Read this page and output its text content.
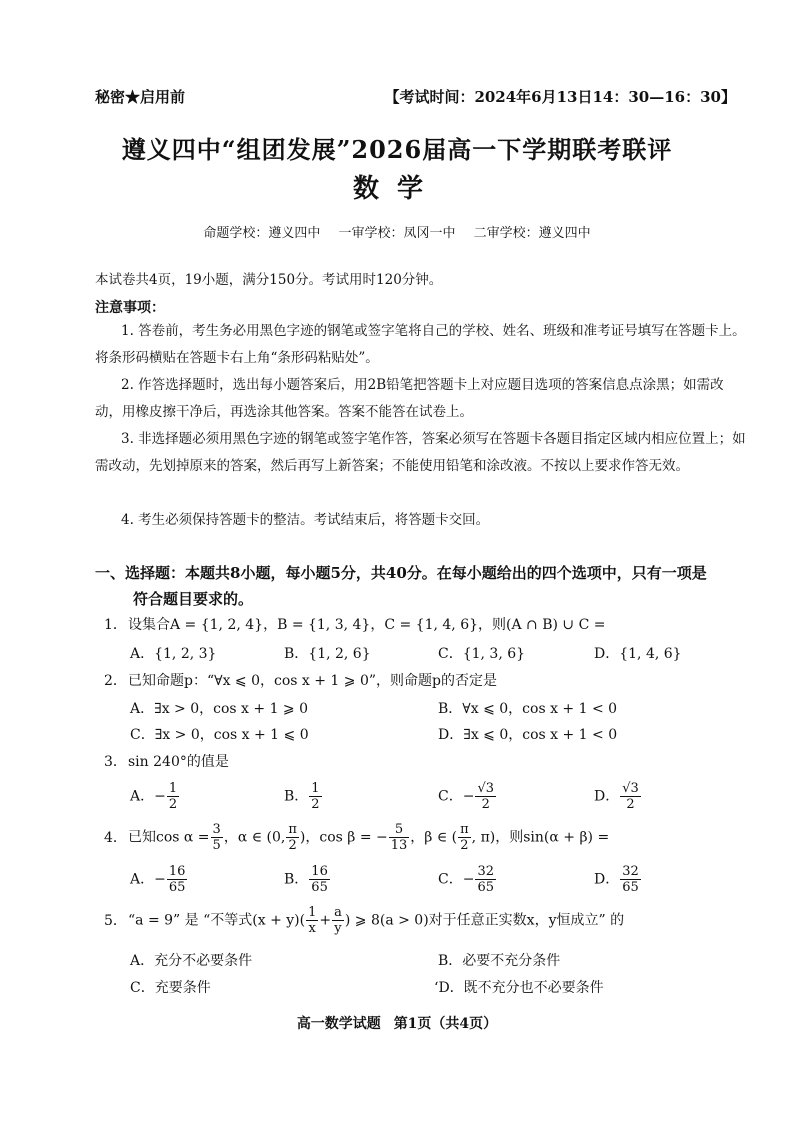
秘密★启用前	【考试时间：2024年6月13日14：30—16：30】
遵义四中“组团发展”2026届高一下学期联考联评
数学
命题学校：遵义四中 一审学校：凤冈一中 二审学校：遵义四中
本试卷共4页，19小题，满分150分。考试用时120分钟。
注意事项：
1. 答卷前，考生务必用黑色字迹的钢笔或签字笔将自己的学校、姓名、班级和准考证号填写在答题卡上。将条形码横贴在答题卡右上角“条形码粘贴处”。
2. 作答选择题时，选出每小题答案后，用2B铅笔把答题卡上对应题目选项的答案信息点涂黑；如需改动，用橡皮擦干净后，再选涂其他答案。答案不能答在试卷上。
3. 非选择题必须用黑色字迹的钢笔或签字笔作答，答案必须写在答题卡各题目指定区域内相应位置上；如需改动，先划掉原来的答案，然后再写上新答案；不能使用铅笔和涂改液。不按以上要求作答无效。
4. 考生必须保持答题卡的整洁。考试结束后，将答题卡交回。
一、选择题：本题共8小题，每小题5分，共40分。在每小题给出的四个选项中，只有一项是
符合题目要求的。
1．设集合A = {1, 2, 4}，B = {1, 3, 4}，C = {1, 4, 6}，则(A ∩ B) ∪ C =
A．{1, 2, 3}	B．{1, 2, 6}	C．{1, 3, 6}	D．{1, 4, 6}
2．已知命题p：“∀x ⩽ 0，cos x + 1 ⩾ 0”，则命题p的否定是
A．∃x > 0，cos x + 1 ⩾ 0	B．∀x ⩽ 0，cos x + 1 < 0
C．∃x > 0，cos x + 1 ⩽ 0	D．∃x ⩽ 0，cos x + 1 < 0
3．sin 240°的值是
A．− $\frac{1}{2}$	B． $\frac{1}{2}$	C．− $\frac{√3}{2}$	D． $\frac{√3}{2}$
4．已知$\cos \alpha = \frac{3}{5}$ ，α ∈ (0, $\frac{\pi}{2}$ )，cos β = − $\frac{5}{13}$ ，β ∈ ( $\frac{\pi}{2}$ , π)，则sin(α + β) =
A．− $\frac{16}{65}$	B． $\frac{16}{65}$	C．− $\frac{32}{65}$	D． $\frac{32}{65}$
5．“a = 9” 是 “不等式$(x + y)( \frac{1}{x} + \frac{a}{y}$ ) ⩾ 8(a > 0)对于任意正实数x，y恒成立” 的
A．充分不必要条件	B．必要不充分条件
C．充要条件	‘D．既不充分也不必要条件
高一数学试题 第1页（共4页）
